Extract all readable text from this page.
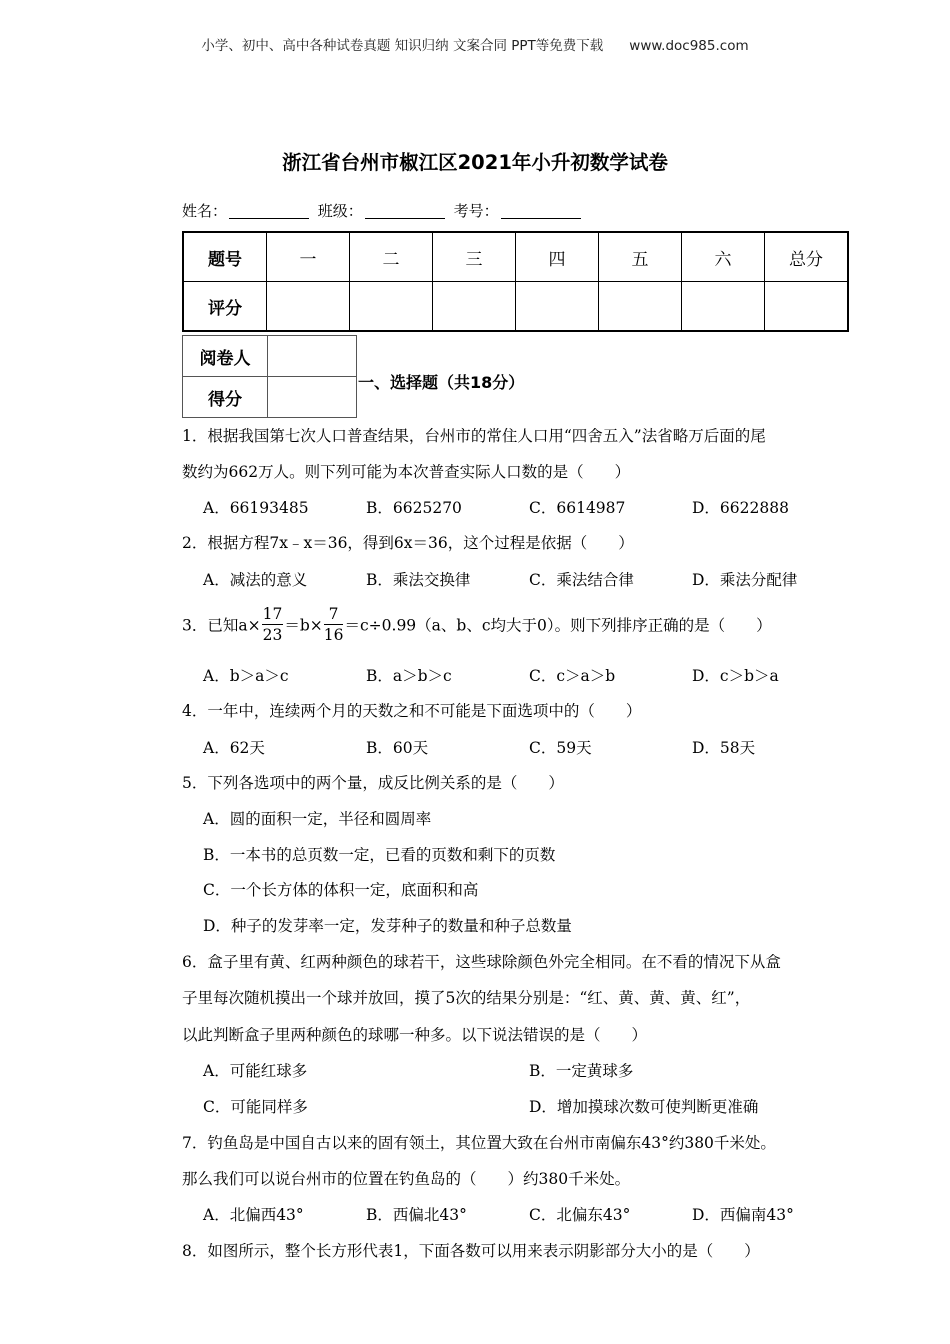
小学、初中、高中各种试卷真题 知识归纳 文案合同 PPT等免费下载 www.doc985.com
浙江省台州市椒江区2021年小升初数学试卷
姓名：	班级：	考号：
题号	一	二	三	四	五	六	总分
评分							
阅卷人	
得分	
一、选择题（共18分）
1．根据我国第七次人口普查结果，台州市的常住人口用“四舍五入”法省略万后面的尾
数约为662万人。则下列可能为本次普查实际人口数的是（　　）
A．66193485	B．6625270	C．6614987	D．6622888
2．根据方程7x﹣x＝36，得到6x＝36，这个过程是依据（　　）
A．减法的意义	B．乘法交换律	C．乘法结合律	D．乘法分配律
3．已知$a\times \frac{17}{23} =b\times \frac{7}{16} =c\div 0.99(a$、b、c均大于0）。则下列排序正确的是（　　）
A．b＞a＞c	B．a＞b＞c	C．c＞a＞b	D．c＞b＞a
4．一年中，连续两个月的天数之和不可能是下面选项中的（　　）
A．62天	B．60天	C．59天	D．58天
5．下列各选项中的两个量，成反比例关系的是（　　）
A．圆的面积一定，半径和圆周率
B．一本书的总页数一定，已看的页数和剩下的页数
C．一个长方体的体积一定，底面积和高
D．种子的发芽率一定，发芽种子的数量和种子总数量
6．盒子里有黄、红两种颜色的球若干，这些球除颜色外完全相同。在不看的情况下从盒
子里每次随机摸出一个球并放回，摸了5次的结果分别是：“红、黄、黄、黄、红”，
以此判断盒子里两种颜色的球哪一种多。以下说法错误的是（　　）
A．可能红球多	B．一定黄球多
C．可能同样多	D．增加摸球次数可使判断更准确
7．钓鱼岛是中国自古以来的固有领土，其位置大致在台州市南偏东43°约380千米处。
那么我们可以说台州市的位置在钓鱼岛的（　　）约380千米处。
A．北偏西43°	B．西偏北43°	C．北偏东43°	D．西偏南43°
8．如图所示，整个长方形代表1，下面各数可以用来表示阴影部分大小的是（　　）
